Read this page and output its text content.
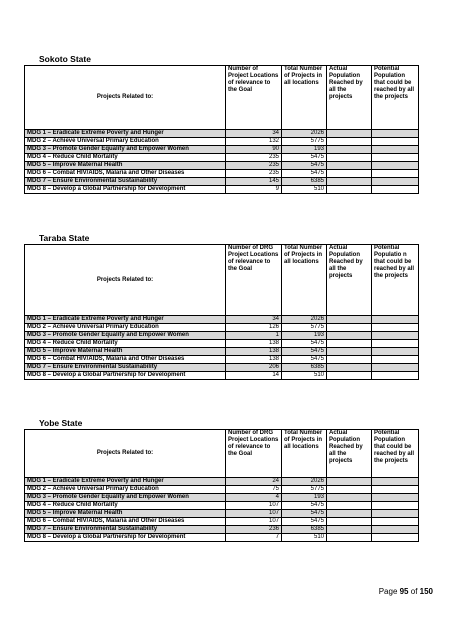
Sokoto State
Projects Related to:	Number of Project Locations of relevance to the Goal	Total Number of Projects in all locations	Actual Population Reached by all the projects	Potential Population that could be reached by all the projects
MDG 1 – Eradicate Extreme Poverty and Hunger	34	2026		
MDG 2 – Achieve Universal Primary Education	132	5775		
MDG 3 – Promote Gender Equality and Empower Women	90	193		
MDG 4 – Reduce Child Mortality	235	5475		
MDG 5 – Improve Maternal Health	235	5475		
MDG 6 – Combat HIV/AIDS, Malaria and Other Diseases	235	5475		
MDG 7 – Ensure Environmental Sustainability	145	6385		
MDG 8 – Develop a Global Partnership for Development	9	510		
Taraba State
Projects Related to:	Number of DRG Project Locations of relevance to the Goal	Total Number of Projects in all locations	Actual Population Reached by all the projects	Potential Populatio n that could be reached by all the projects
MDG 1 – Eradicate Extreme Poverty and Hunger	34	2026		
MDG 2 – Achieve Universal Primary Education	126	5775		
MDG 3 – Promote Gender Equality and Empower Women	1	193		
MDG 4 – Reduce Child Mortality	138	5475		
MDG 5 – Improve Maternal Health	138	5475		
MDG 6 – Combat HIV/AIDS, Malaria and Other Diseases	138	5475		
MDG 7 – Ensure Environmental Sustainability	206	6385		
MDG 8 – Develop a Global Partnership for Development	14	510		
Yobe State
Projects Related to:	Number of DRG Project Locations of relevance to the Goal	Total Number of Projects in all locations	Actual Population Reached by all the projects	Potential Population that could be reached by all the projects
MDG 1 – Eradicate Extreme Poverty and Hunger	24	2026		
MDG 2 – Achieve Universal Primary Education	75	5775		
MDG 3 – Promote Gender Equality and Empower Women	4	193		
MDG 4 – Reduce Child Mortality	107	5475		
MDG 5 – Improve Maternal Health	107	5475		
MDG 6 – Combat HIV/AIDS, Malaria and Other Diseases	107	5475		
MDG 7 – Ensure Environmental Sustainability	236	6385		
MDG 8 – Develop a Global Partnership for Development	7	510		
Page 95 of 150
